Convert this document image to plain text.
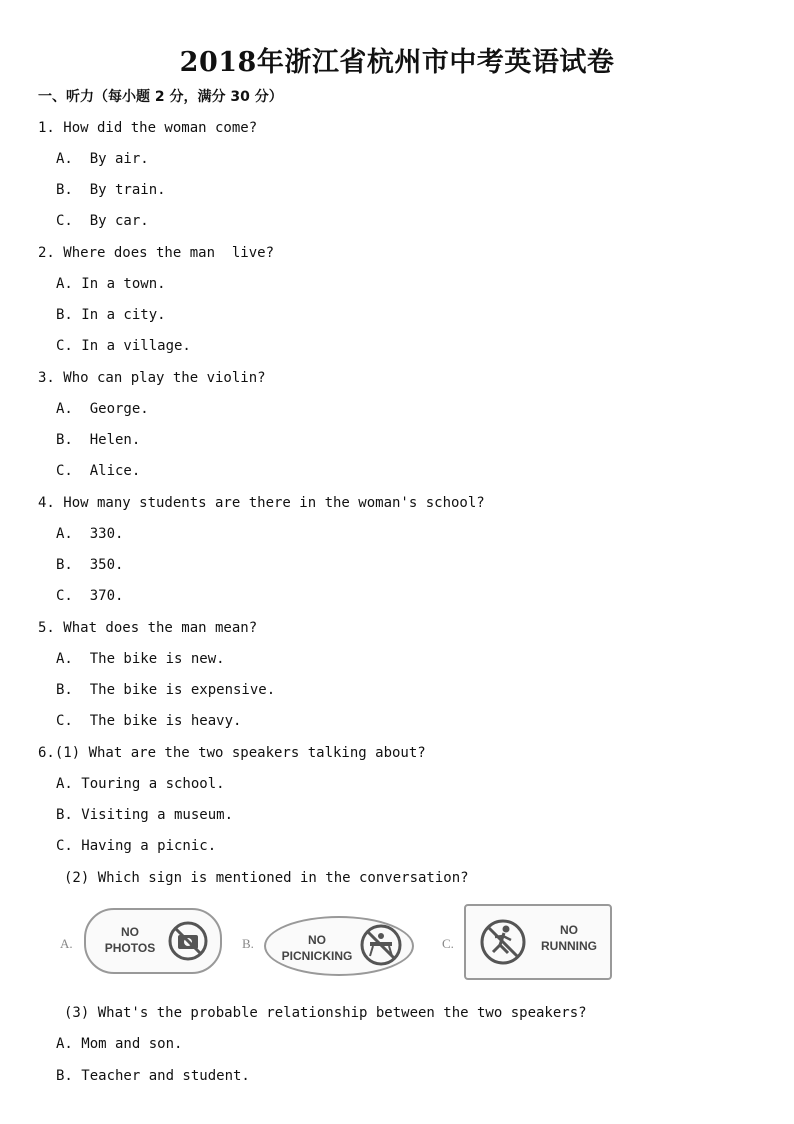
2018年浙江省杭州市中考英语试卷
一、听力（每小题 2 分，满分 30 分）
1. How did the woman come?
A.  By air.
B.  By train.
C.  By car.
2. Where does the man  live?
A. In a town.
B. In a city.
C. In a village.
3. Who can play the violin?
A.  George.
B.  Helen.
C.  Alice.
4. How many students are there in the woman's school?
A.  330.
B.  350.
C.  370.
5. What does the man mean?
A.  The bike is new.
B.  The bike is expensive.
C.  The bike is heavy.
6.(1) What are the two speakers talking about?
A. Touring a school.
B. Visiting a museum.
C. Having a picnic.
(2) Which sign is mentioned in the conversation?
A.
NO
PHOTOS	B.	NO
PICNICKING
C.
NO
RUNNING
(3) What's the probable relationship between the two speakers?
A. Mom and son.
B. Teacher and student.
